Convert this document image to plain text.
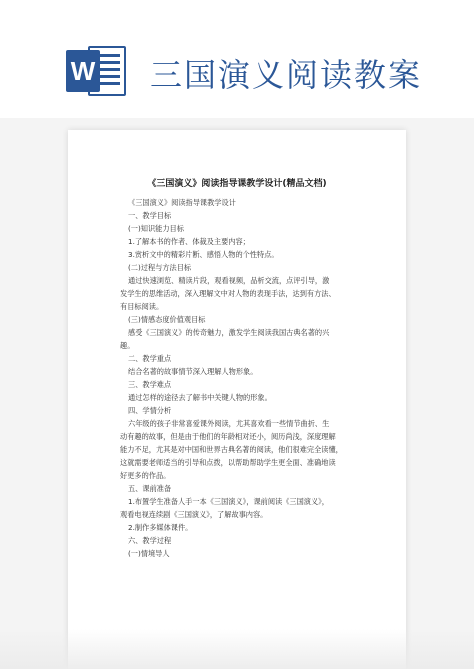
W 三国演义阅读教案
《三国演义》阅读指导课教学设计(精品文档)
《三国演义》阅读指导课教学设计
一、教学目标
(一)知识能力目标
1.了解本书的作者、体裁及主要内容；
3.赏析文中的精彩片断、感悟人物的个性特点。
(二)过程与方法目标
通过快速浏览、精读片段，观看视频，品析交流，点评引导，激
发学生的思维活动，深入理解文中对人物的表现手法，达到有方法、
有目标阅读。
(三)情感态度价值观目标
感受《三国演义》的传奇魅力，激发学生阅读我国古典名著的兴
趣。
二、教学重点
结合名著的故事情节深入理解人物形象。
三、教学难点
通过怎样的途径去了解书中关键人物的形象。
四、学情分析
六年级的孩子非常喜爱课外阅读，尤其喜欢看一些情节曲折、生
动有趣的故事，但是由于他们的年龄相对还小，阅历尚浅，深度理解
能力不足，尤其是对中国和世界古典名著的阅读，他们很难完全读懂，
这就需要老师适当的引导和点拨，以帮助帮助学生更全面、准确地读
好更多的作品。
五、课前准备
1.布置学生准备人手一本《三国演义》，课前阅读《三国演义》，
观看电视连续剧《三国演义》，了解故事内容。
2.制作多媒体课件。
六、教学过程
(一)情境导人
